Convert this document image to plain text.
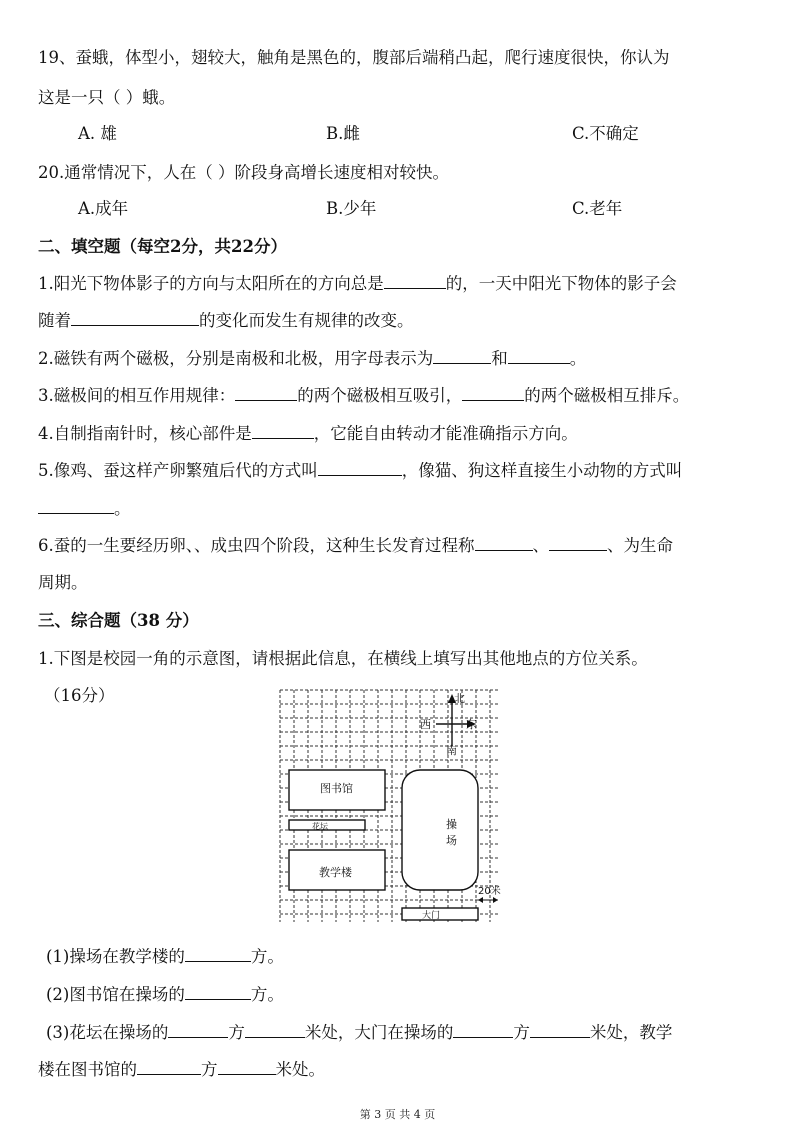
19、蚕蛾，体型小，翅较大，触角是黑色的，腹部后端稍凸起，爬行速度很快，你认为
这是一只（ ）蛾。
A. 雄	B.雌	C.不确定
20.通常情况下，人在（ ）阶段身高增长速度相对较快。
A.成年	B.少年	C.老年
二、填空题（每空2分，共22分）
1.阳光下物体影子的方向与太阳所在的方向总是	的，一天中阳光下物体的影子会
随着	的变化而发生有规律的改变。
2.磁铁有两个磁极，分别是南极和北极，用字母表示为	和	。
3.磁极间的相互作用规律：	的两个磁极相互吸引，	的两个磁极相互排斥。
4.自制指南针时，核心部件是	，它能自由转动才能准确指示方向。
5.像鸡、蚕这样产卵繁殖后代的方式叫	，像猫、狗这样直接生小动物的方式叫
。
6.蚕的一生要经历卵、、成虫四个阶段，这种生长发育过程称	、	、为生命
周期。
三、综合题（38 分）
1.下图是校园一角的示意图，请根据此信息，在横线上填写出其他地点的方位关系。
（16分）	北
南
西	东
图书馆
花坛
教学楼
操
场
20米
大门
(1)操场在教学楼的	方。
(2)图书馆在操场的	方。
(3)花坛在操场的	方	米处，大门在操场的	方	米处，教学
楼在图书馆的	方	米处。
第 3 页 共 4 页
